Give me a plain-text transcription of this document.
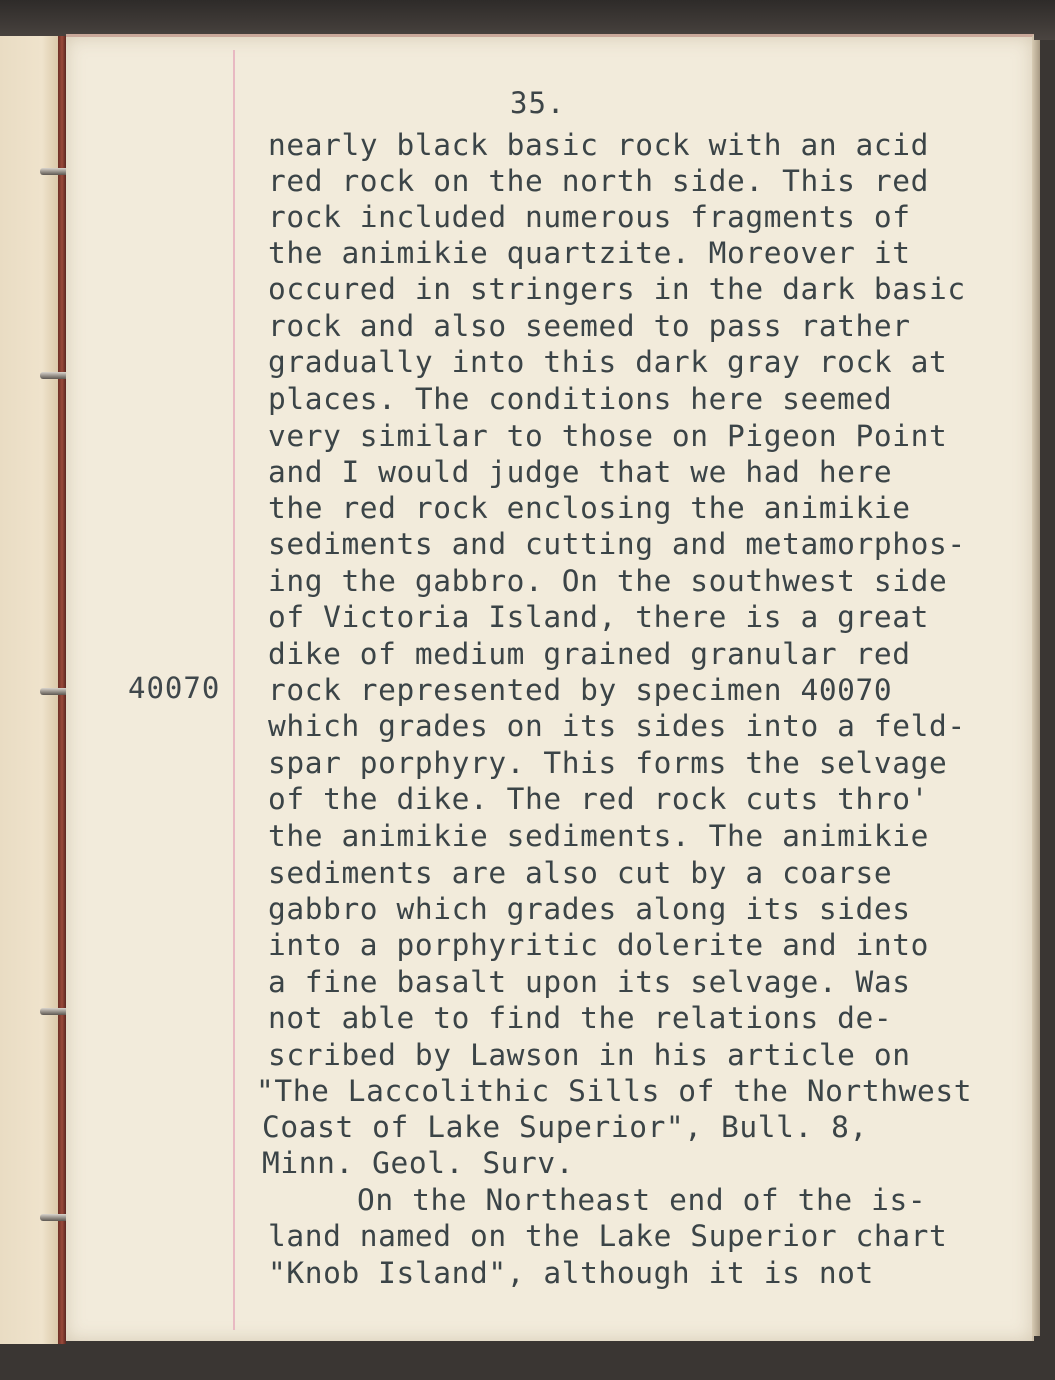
35.
40070
nearly black basic rock with an acid
red rock on the north side. This red
rock included numerous fragments of
the animikie quartzite. Moreover it
occured in stringers in the dark basic
rock and also seemed to pass rather
gradually into this dark gray rock at
places. The conditions here seemed
very similar to those on Pigeon Point
and I would judge that we had here
the red rock enclosing the animikie
sediments and cutting and metamorphos-
ing the gabbro. On the southwest side
of Victoria Island, there is a great
dike of medium grained granular red
rock represented by specimen 40070
which grades on its sides into a feld-
spar porphyry. This forms the selvage
of the dike. The red rock cuts thro'
the animikie sediments. The animikie
sediments are also cut by a coarse
gabbro which grades along its sides
into a porphyritic dolerite and into
a fine basalt upon its selvage. Was
not able to find the relations de-
scribed by Lawson in his article on
"The Laccolithic Sills of the Northwest
Coast of Lake Superior", Bull. 8,
Minn. Geol. Surv.
On the Northeast end of the is-
land named on the Lake Superior chart
"Knob Island", although it is not
